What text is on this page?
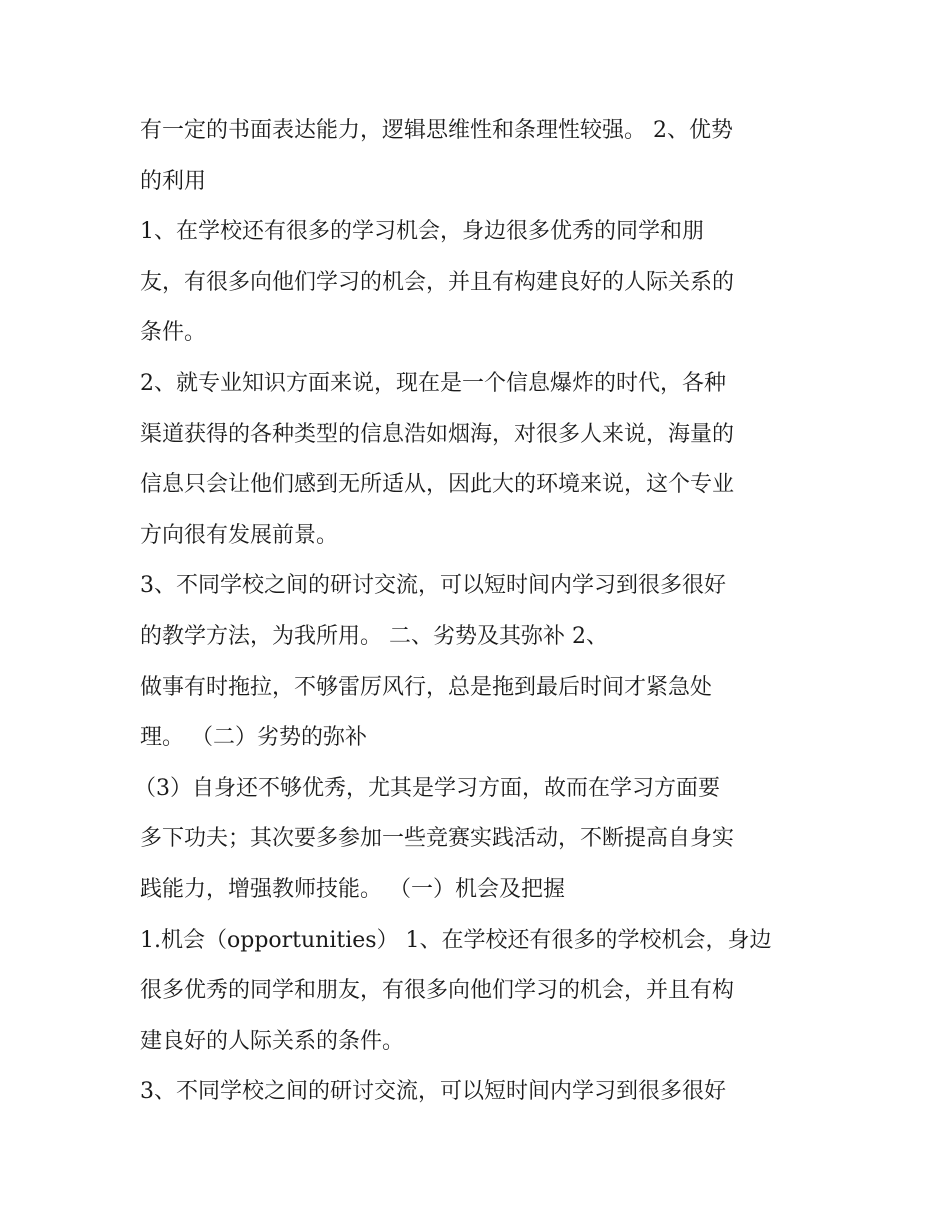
有一定的书面表达能力，逻辑思维性和条理性较强。 2、优势
的利用
1、在学校还有很多的学习机会，身边很多优秀的同学和朋
友，有很多向他们学习的机会，并且有构建良好的人际关系的
条件。
2、就专业知识方面来说，现在是一个信息爆炸的时代，各种
渠道获得的各种类型的信息浩如烟海，对很多人来说，海量的
信息只会让他们感到无所适从，因此大的环境来说，这个专业
方向很有发展前景。
3、不同学校之间的研讨交流，可以短时间内学习到很多很好
的教学方法，为我所用。 二、劣势及其弥补 2、
做事有时拖拉，不够雷厉风行，总是拖到最后时间才紧急处
理。 （二）劣势的弥补
（3）自身还不够优秀，尤其是学习方面，故而在学习方面要
多下功夫；其次要多参加一些竞赛实践活动，不断提高自身实
践能力，增强教师技能。 （一）机会及把握
1.机会（opportunities） 1、在学校还有很多的学校机会，身边
很多优秀的同学和朋友，有很多向他们学习的机会，并且有构
建良好的人际关系的条件。
3、不同学校之间的研讨交流，可以短时间内学习到很多很好
